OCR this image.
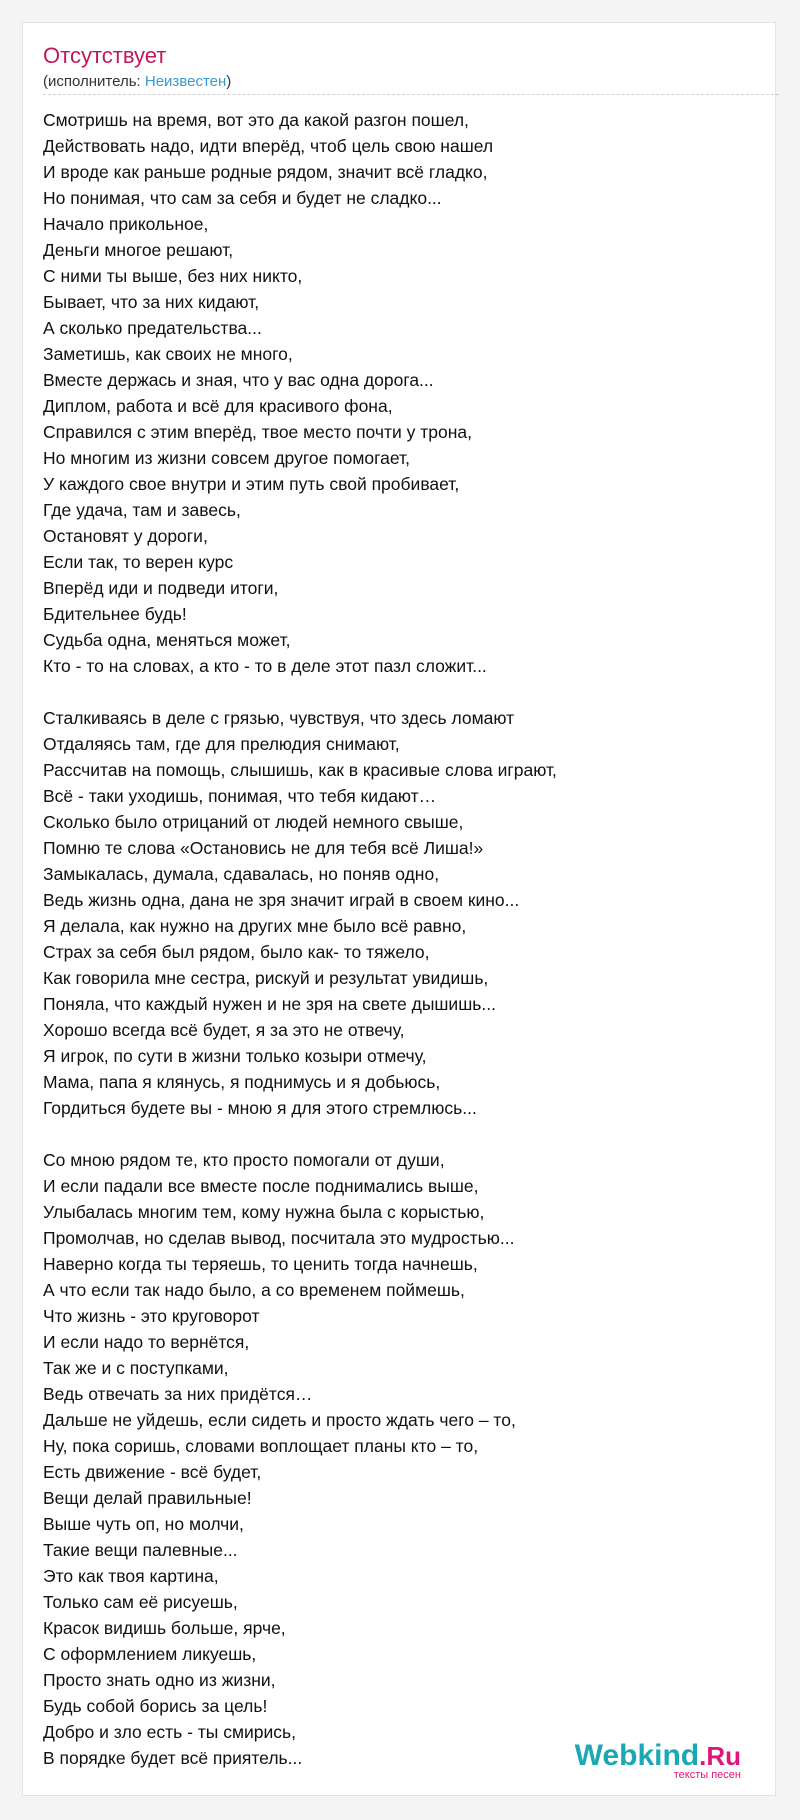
Отсутствует
(исполнитель: Неизвестен)
Смотришь на время, вот это да какой разгон пошел,
Действовать надо, идти вперёд, чтоб цель свою нашел
И вроде как раньше родные рядом, значит всё гладко,
Но понимая, что сам за себя и будет не сладко...
Начало прикольное,
Деньги многое решают,
С ними ты выше, без них никто,
Бывает, что за них кидают,
А сколько предательства...
Заметишь, как своих не много,
Вместе держась и зная, что у вас одна дорога...
Диплом, работа и всё для красивого фона,
Справился с этим вперёд, твое место почти у трона,
Но многим из жизни совсем другое помогает,
У каждого свое внутри и этим путь свой пробивает,
Где удача, там и завесь,
Остановят у дороги,
Если так, то верен курс
Вперёд иди и подведи итоги,
Бдительнее будь!
Судьба одна, меняться может,
Кто - то на словах, а кто - то в деле этот пазл сложит...
Сталкиваясь в деле с грязью, чувствуя, что здесь ломают
Отдаляясь там, где для прелюдия снимают,
Рассчитав на помощь, слышишь, как в красивые слова играют,
Всё - таки уходишь, понимая, что тебя кидают…
Сколько было отрицаний от людей немного свыше,
Помню те слова «Остановись не для тебя всё Лиша!»
Замыкалась, думала, сдавалась, но поняв одно,
Ведь жизнь одна, дана не зря значит играй в своем кино...
Я делала, как нужно на других мне было всё равно,
Страх за себя был рядом, было как- то тяжело,
Как говорила мне сестра, рискуй и результат увидишь,
Поняла, что каждый нужен и не зря на свете дышишь...
Хорошо всегда всё будет, я за это не отвечу,
Я игрок, по сути в жизни только козыри отмечу,
Мама, папа я клянусь, я поднимусь и я добьюсь,
Гордиться будете вы - мною я для этого стремлюсь...
Со мною рядом те, кто просто помогали от души,
И если падали все вместе после поднимались выше,
Улыбалась многим тем, кому нужна была с корыстью,
Промолчав, но сделав вывод, посчитала это мудростью...
Наверно когда ты теряешь, то ценить тогда начнешь,
А что если так надо было, а со временем поймешь,
Что жизнь - это круговорот
И если надо то вернётся,
Так же и с поступками,
Ведь отвечать за них придётся…
Дальше не уйдешь, если сидеть и просто ждать чего – то,
Ну, пока соришь, словами воплощает планы кто – то,
Есть движение - всё будет,
Вещи делай правильные!
Выше чуть оп, но молчи,
Такие вещи палевные...
Это как твоя картина,
Только сам её рисуешь,
Красок видишь больше, ярче,
С оформлением ликуешь,
Просто знать одно из жизни,
Будь собой борись за цель!
Добро и зло есть - ты смирись,
В порядке будет всё приятель...	Webkind.Ru
тексты песен
